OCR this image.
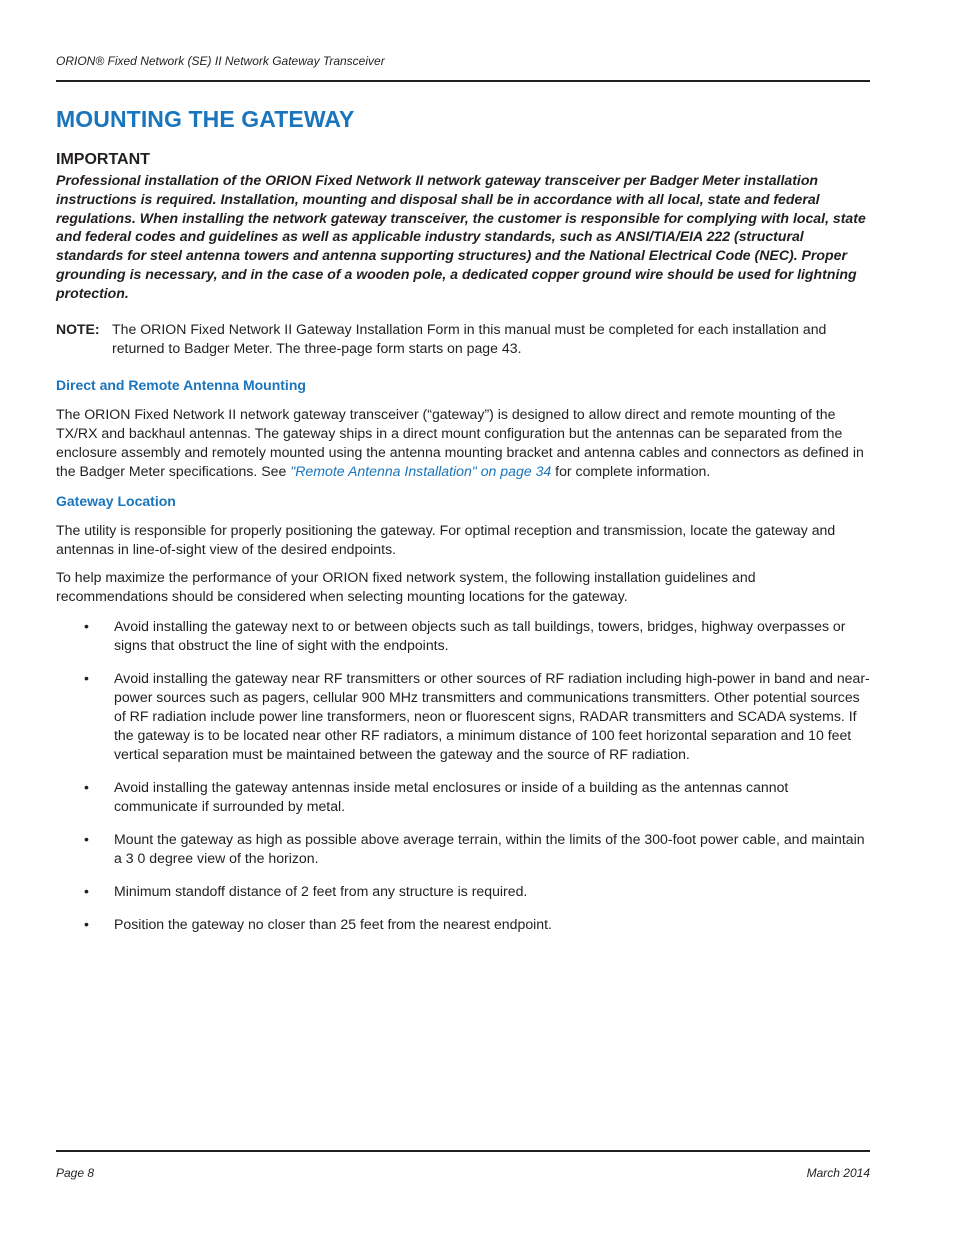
ORION® Fixed Network (SE) II Network Gateway Transceiver
MOUNTING THE GATEWAY
IMPORTANT

Professional installation of the ORION Fixed Network II network gateway transceiver per Badger Meter installation instructions is required. Installation, mounting and disposal shall be in accordance with all local, state and federal regulations. When installing the network gateway transceiver, the customer is responsible for complying with local, state and federal codes and guidelines as well as applicable industry standards, such as ANSI/TIA/EIA 222 (structural standards for steel antenna towers and antenna supporting structures) and the National Electrical Code (NEC). Proper grounding is necessary, and in the case of a wooden pole, a dedicated copper ground wire should be used for lightning protection.

NOTE: The ORION Fixed Network II Gateway Installation Form in this manual must be completed for each installation and returned to Badger Meter. The three-page form starts on page 43.
Direct and Remote Antenna Mounting

The ORION Fixed Network II network gateway transceiver (“gateway”) is designed to allow direct and remote mounting of the TX/RX and backhaul antennas. The gateway ships in a direct mount configuration but the antennas can be separated from the enclosure assembly and remotely mounted using the antenna mounting bracket and antenna cables and connectors as defined in the Badger Meter specifications. See "Remote Antenna Installation" on page 34 for complete information.

Gateway Location

The utility is responsible for properly positioning the gateway. For optimal reception and transmission, locate the gateway and antennas in line-of-sight view of the desired endpoints.

To help maximize the performance of your ORION fixed network system, the following installation guidelines and recommendations should be considered when selecting mounting locations for the gateway.

• Avoid installing the gateway next to or between objects such as tall buildings, towers, bridges, highway overpasses or signs that obstruct the line of sight with the endpoints.
• Avoid installing the gateway near RF transmitters or other sources of RF radiation including high-power in band and near-power sources such as pagers, cellular 900 MHz transmitters and communications transmitters. Other potential sources of RF radiation include power line transformers, neon or fluorescent signs, RADAR transmitters and SCADA systems. If the gateway is to be located near other RF radiators, a minimum distance of 100 feet horizontal separation and 10 feet vertical separation must be maintained between the gateway and the source of RF radiation.
• Avoid installing the gateway antennas inside metal enclosures or inside of a building as the antennas cannot communicate if surrounded by metal.
• Mount the gateway as high as possible above average terrain, within the limits of the 300-foot power cable, and maintain a 3 0 degree view of the horizon.
• Minimum standoff distance of 2 feet from any structure is required.
• Position the gateway no closer than 25 feet from the nearest endpoint.
Page 8	March 2014
